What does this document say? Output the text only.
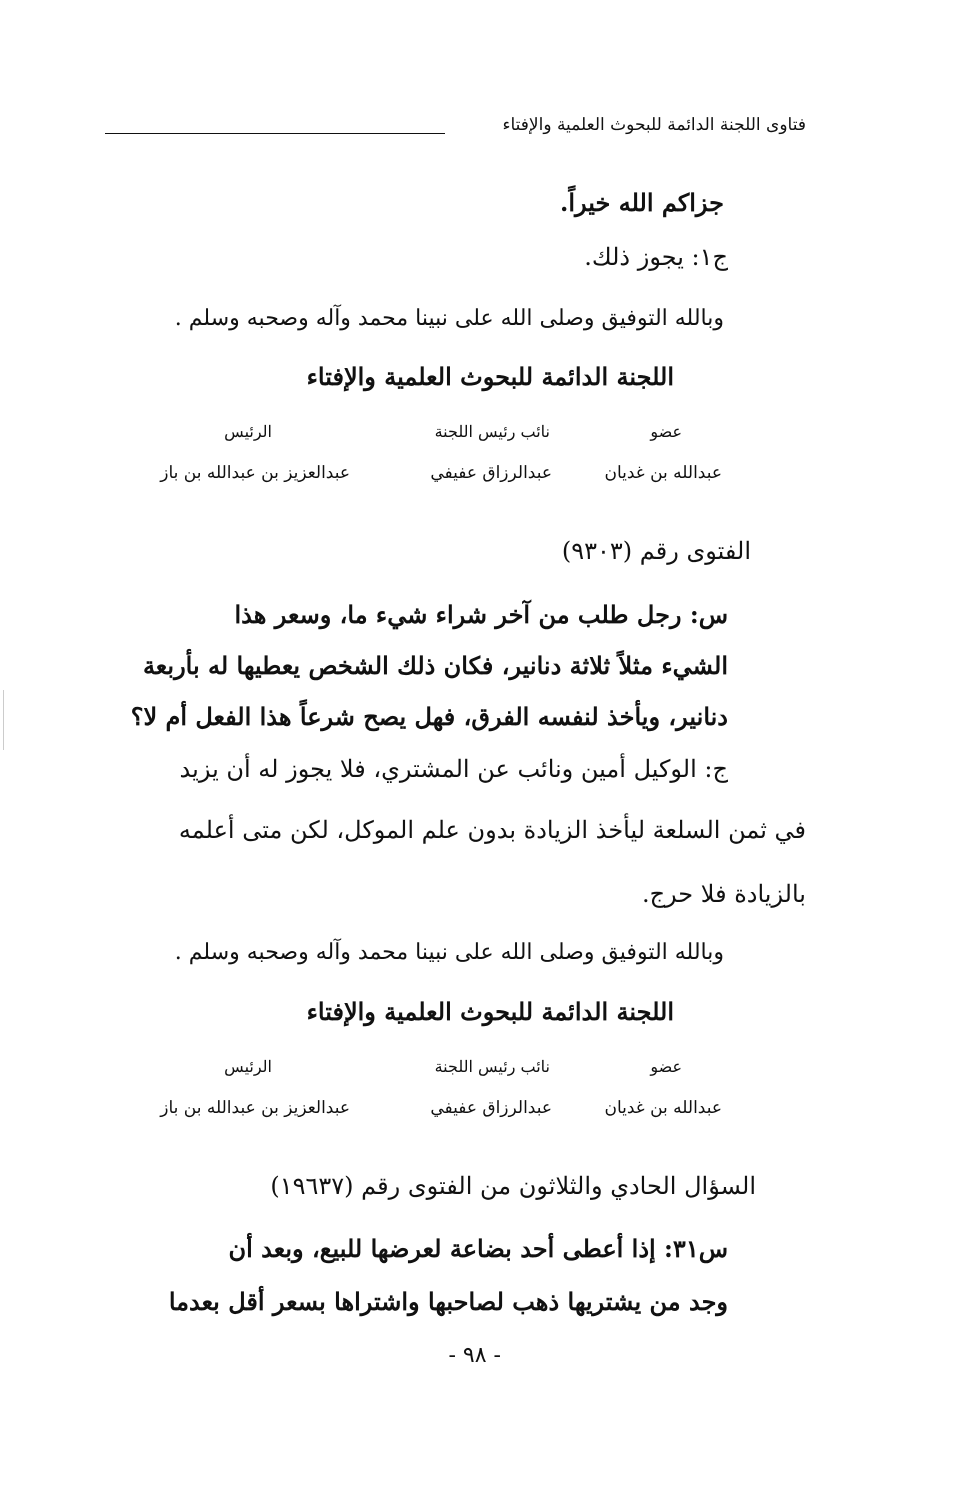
فتاوى اللجنة الدائمة للبحوث العلمية والإفتاء
جزاكم الله خيراً.
ج١: يجوز ذلك.
وبالله التوفيق وصلى الله على نبينا محمد وآله وصحبه وسلم .
اللجنة الدائمة للبحوث العلمية والإفتاء
عضو
نائب رئيس اللجنة
الرئيس
عبدالله بن غديان
عبدالرزاق عفيفي
عبدالعزيز بن عبدالله بن باز
الفتوى رقم (٩٣٠٣)
س: رجل طلب من آخر شراء شيء ما، وسعر هذا
الشيء مثلاً ثلاثة دنانير، فكان ذلك الشخص يعطيها له بأربعة
دنانير، ويأخذ لنفسه الفرق، فهل يصح شرعاً هذا الفعل أم لا؟
ج: الوكيل أمين ونائب عن المشتري، فلا يجوز له أن يزيد
في ثمن السلعة ليأخذ الزيادة بدون علم الموكل، لكن متى أعلمه
بالزيادة فلا حرج.
وبالله التوفيق وصلى الله على نبينا محمد وآله وصحبه وسلم .
اللجنة الدائمة للبحوث العلمية والإفتاء
عضو
نائب رئيس اللجنة
الرئيس
عبدالله بن غديان
عبدالرزاق عفيفي
عبدالعزيز بن عبدالله بن باز
السؤال الحادي والثلاثون من الفتوى رقم (١٩٦٣٧)
س٣١: إذا أعطى أحد بضاعة لعرضها للبيع، وبعد أن
وجد من يشتريها ذهب لصاحبها واشتراها بسعر أقل بعدما
- ٩٨ -
